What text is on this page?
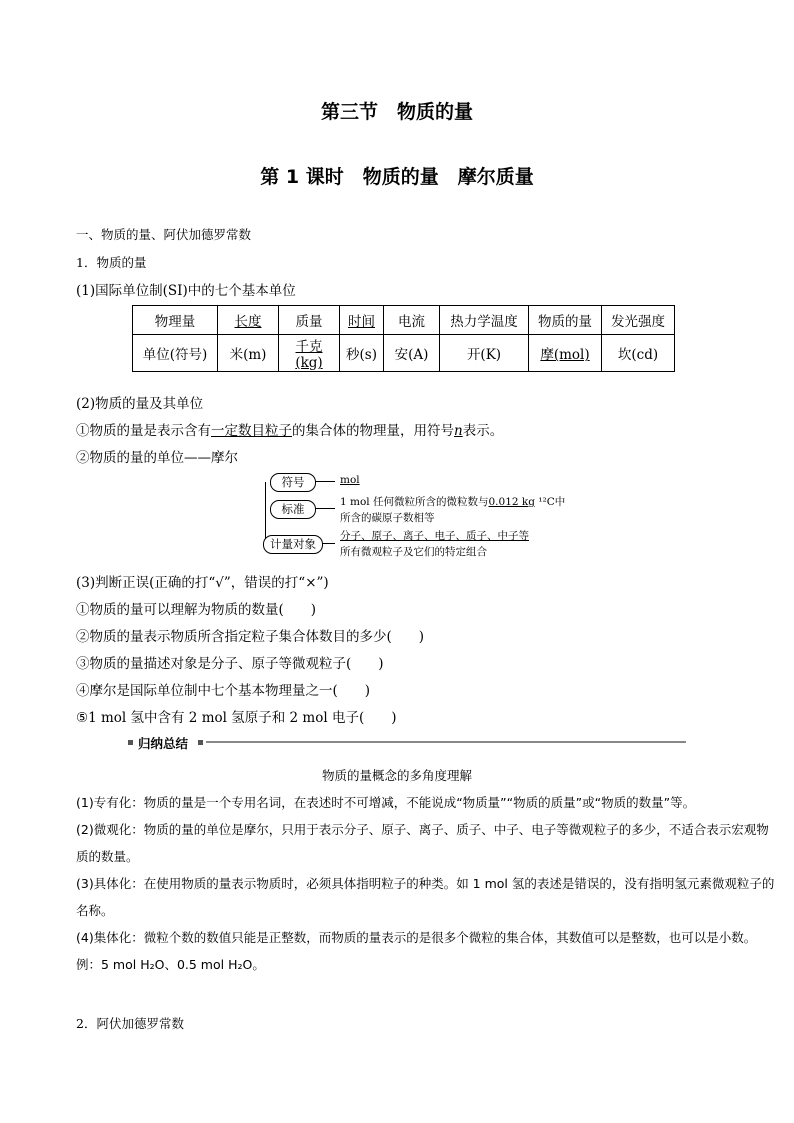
第三节　物质的量
第 1 课时　物质的量　摩尔质量
一、物质的量、阿伏加德罗常数
1．物质的量
(1)国际单位制(SI)中的七个基本单位
物理量	长度	质量	时间	电流	热力学温度	物质的量	发光强度
单位(符号)	米(m)	千克(kg)	秒(s)	安(A)	开(K)	摩(mol)	坎(cd)
(2)物质的量及其单位
①物质的量是表示含有一定数目粒子的集合体的物理量，用符号n表示。
②物质的量的单位——摩尔
符号
标准
计量对象
mol
1 mol 任何微粒所含的微粒数与0.012 kg ¹²C中
所含的碳原子数相等
分子、原子、离子、电子、质子、中子等
所有微观粒子及它们的特定组合
(3)判断正误(正确的打“√”，错误的打“×”)
①物质的量可以理解为物质的数量(　　)
②物质的量表示物质所含指定粒子集合体数目的多少(　　)
③物质的量描述对象是分子、原子等微观粒子(　　)
④摩尔是国际单位制中七个基本物理量之一(　　)
⑤1 mol 氢中含有 2 mol 氢原子和 2 mol 电子(　　)
归纳总结
物质的量概念的多角度理解

(1)专有化：物质的量是一个专用名词，在表述时不可增减，不能说成“物质量”“物质的质量”或“物质的数量”等。

(2)微观化：物质的量的单位是摩尔，只用于表示分子、原子、离子、质子、中子、电子等微观粒子的多少，不适合表示宏观物质的数量。

(3)具体化：在使用物质的量表示物质时，必须具体指明粒子的种类。如 1 mol 氢的表述是错误的，没有指明氢元素微观粒子的名称。

(4)集体化：微粒个数的数值只能是正整数，而物质的量表示的是很多个微粒的集合体，其数值可以是整数，也可以是小数。例：5 mol H₂O、0.5 mol H₂O。

2．阿伏加德罗常数
